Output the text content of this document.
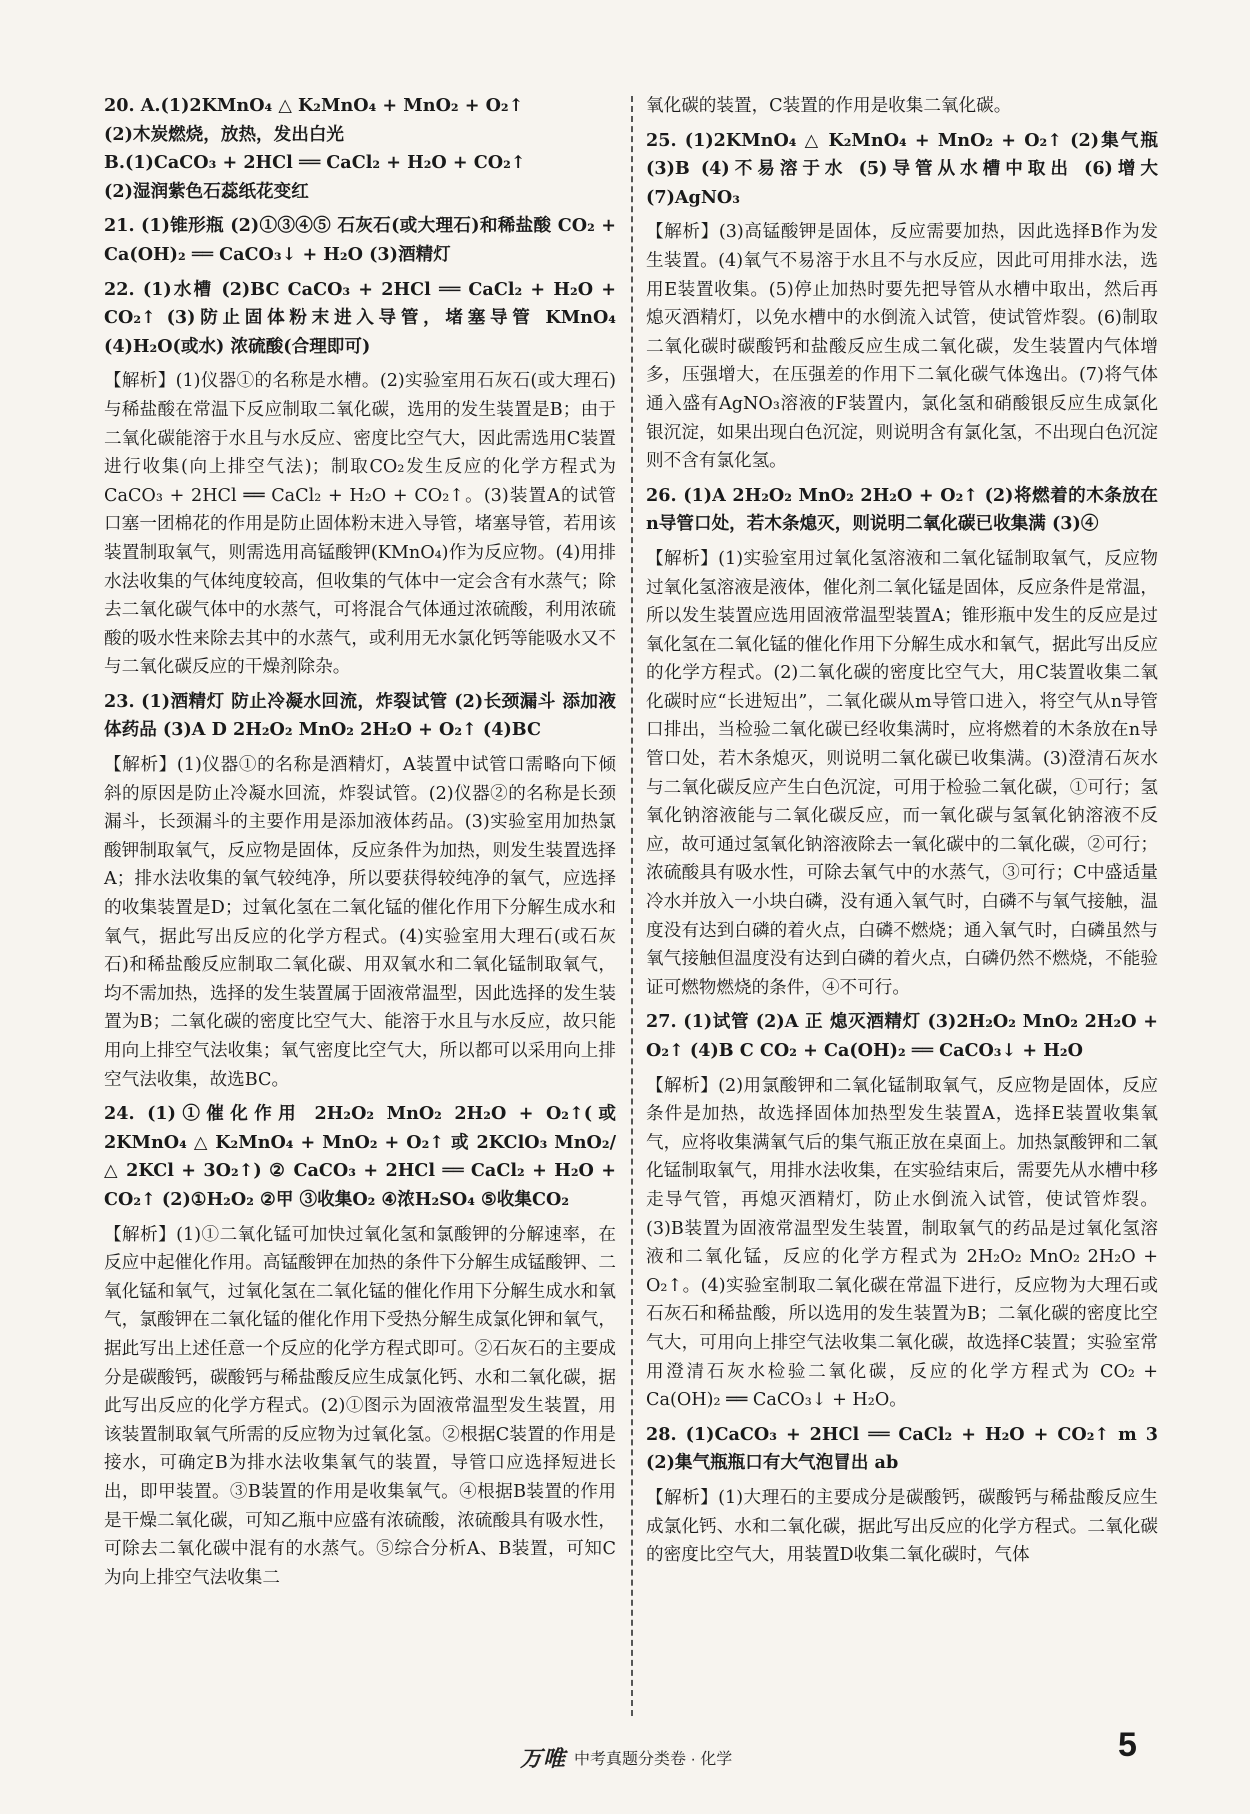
20. A.(1)2KMnO₄ △ K₂MnO₄ + MnO₂ + O₂↑
(2)木炭燃烧，放热，发出白光
B.(1)CaCO₃ + 2HCl ══ CaCl₂ + H₂O + CO₂↑
(2)湿润紫色石蕊纸花变红
21. (1)锥形瓶 (2)①③④⑤ 石灰石(或大理石)和稀盐酸 CO₂ + Ca(OH)₂ ══ CaCO₃↓ + H₂O (3)酒精灯
22. (1)水槽 (2)BC CaCO₃ + 2HCl ══ CaCl₂ + H₂O + CO₂↑ (3)防止固体粉末进入导管，堵塞导管 KMnO₄ (4)H₂O(或水) 浓硫酸(合理即可)
【解析】(1)仪器①的名称是水槽。(2)实验室用石灰石(或大理石)与稀盐酸在常温下反应制取二氧化碳，选用的发生装置是B；由于二氧化碳能溶于水且与水反应、密度比空气大，因此需选用C装置进行收集(向上排空气法)；制取CO₂发生反应的化学方程式为 CaCO₃ + 2HCl ══ CaCl₂ + H₂O + CO₂↑。(3)装置A的试管口塞一团棉花的作用是防止固体粉末进入导管，堵塞导管，若用该装置制取氧气，则需选用高锰酸钾(KMnO₄)作为反应物。(4)用排水法收集的气体纯度较高，但收集的气体中一定会含有水蒸气；除去二氧化碳气体中的水蒸气，可将混合气体通过浓硫酸，利用浓硫酸的吸水性来除去其中的水蒸气，或利用无水氯化钙等能吸水又不与二氧化碳反应的干燥剂除杂。
23. (1)酒精灯 防止冷凝水回流，炸裂试管 (2)长颈漏斗 添加液体药品 (3)A D 2H₂O₂ MnO₂ 2H₂O + O₂↑ (4)BC
【解析】(1)仪器①的名称是酒精灯，A装置中试管口需略向下倾斜的原因是防止冷凝水回流，炸裂试管。(2)仪器②的名称是长颈漏斗，长颈漏斗的主要作用是添加液体药品。(3)实验室用加热氯酸钾制取氧气，反应物是固体，反应条件为加热，则发生装置选择A；排水法收集的氧气较纯净，所以要获得较纯净的氧气，应选择的收集装置是D；过氧化氢在二氧化锰的催化作用下分解生成水和氧气，据此写出反应的化学方程式。(4)实验室用大理石(或石灰石)和稀盐酸反应制取二氧化碳、用双氧水和二氧化锰制取氧气，均不需加热，选择的发生装置属于固液常温型，因此选择的发生装置为B；二氧化碳的密度比空气大、能溶于水且与水反应，故只能用向上排空气法收集；氧气密度比空气大，所以都可以采用向上排空气法收集，故选BC。
24. (1)①催化作用 2H₂O₂ MnO₂ 2H₂O + O₂↑(或 2KMnO₄ △ K₂MnO₄ + MnO₂ + O₂↑ 或 2KClO₃ MnO₂/△ 2KCl + 3O₂↑) ② CaCO₃ + 2HCl ══ CaCl₂ + H₂O + CO₂↑ (2)①H₂O₂ ②甲 ③收集O₂ ④浓H₂SO₄ ⑤收集CO₂
【解析】(1)①二氧化锰可加快过氧化氢和氯酸钾的分解速率，在反应中起催化作用。高锰酸钾在加热的条件下分解生成锰酸钾、二氧化锰和氧气，过氧化氢在二氧化锰的催化作用下分解生成水和氧气，氯酸钾在二氧化锰的催化作用下受热分解生成氯化钾和氧气，据此写出上述任意一个反应的化学方程式即可。②石灰石的主要成分是碳酸钙，碳酸钙与稀盐酸反应生成氯化钙、水和二氧化碳，据此写出反应的化学方程式。(2)①图示为固液常温型发生装置，用该装置制取氧气所需的反应物为过氧化氢。②根据C装置的作用是接水，可确定B为排水法收集氧气的装置，导管口应选择短进长出，即甲装置。③B装置的作用是收集氧气。④根据B装置的作用是干燥二氧化碳，可知乙瓶中应盛有浓硫酸，浓硫酸具有吸水性，可除去二氧化碳中混有的水蒸气。⑤综合分析A、B装置，可知C为向上排空气法收集二
氧化碳的装置，C装置的作用是收集二氧化碳。
25. (1)2KMnO₄ △ K₂MnO₄ + MnO₂ + O₂↑ (2)集气瓶 (3)B (4)不易溶于水 (5)导管从水槽中取出 (6)增大 (7)AgNO₃
【解析】(3)高锰酸钾是固体，反应需要加热，因此选择B作为发生装置。(4)氧气不易溶于水且不与水反应，因此可用排水法，选用E装置收集。(5)停止加热时要先把导管从水槽中取出，然后再熄灭酒精灯，以免水槽中的水倒流入试管，使试管炸裂。(6)制取二氧化碳时碳酸钙和盐酸反应生成二氧化碳，发生装置内气体增多，压强增大，在压强差的作用下二氧化碳气体逸出。(7)将气体通入盛有AgNO₃溶液的F装置内，氯化氢和硝酸银反应生成氯化银沉淀，如果出现白色沉淀，则说明含有氯化氢，不出现白色沉淀则不含有氯化氢。
26. (1)A 2H₂O₂ MnO₂ 2H₂O + O₂↑ (2)将燃着的木条放在n导管口处，若木条熄灭，则说明二氧化碳已收集满 (3)④
【解析】(1)实验室用过氧化氢溶液和二氧化锰制取氧气，反应物过氧化氢溶液是液体，催化剂二氧化锰是固体，反应条件是常温，所以发生装置应选用固液常温型装置A；锥形瓶中发生的反应是过氧化氢在二氧化锰的催化作用下分解生成水和氧气，据此写出反应的化学方程式。(2)二氧化碳的密度比空气大，用C装置收集二氧化碳时应“长进短出”，二氧化碳从m导管口进入，将空气从n导管口排出，当检验二氧化碳已经收集满时，应将燃着的木条放在n导管口处，若木条熄灭，则说明二氧化碳已收集满。(3)澄清石灰水与二氧化碳反应产生白色沉淀，可用于检验二氧化碳，①可行；氢氧化钠溶液能与二氧化碳反应，而一氧化碳与氢氧化钠溶液不反应，故可通过氢氧化钠溶液除去一氧化碳中的二氧化碳，②可行；浓硫酸具有吸水性，可除去氧气中的水蒸气，③可行；C中盛适量冷水并放入一小块白磷，没有通入氧气时，白磷不与氧气接触，温度没有达到白磷的着火点，白磷不燃烧；通入氧气时，白磷虽然与氧气接触但温度没有达到白磷的着火点，白磷仍然不燃烧，不能验证可燃物燃烧的条件，④不可行。
27. (1)试管 (2)A 正 熄灭酒精灯 (3)2H₂O₂ MnO₂ 2H₂O + O₂↑ (4)B C CO₂ + Ca(OH)₂ ══ CaCO₃↓ + H₂O
【解析】(2)用氯酸钾和二氧化锰制取氧气，反应物是固体，反应条件是加热，故选择固体加热型发生装置A，选择E装置收集氧气，应将收集满氧气后的集气瓶正放在桌面上。加热氯酸钾和二氧化锰制取氧气，用排水法收集，在实验结束后，需要先从水槽中移走导气管，再熄灭酒精灯，防止水倒流入试管，使试管炸裂。(3)B装置为固液常温型发生装置，制取氧气的药品是过氧化氢溶液和二氧化锰，反应的化学方程式为 2H₂O₂ MnO₂ 2H₂O + O₂↑。(4)实验室制取二氧化碳在常温下进行，反应物为大理石或石灰石和稀盐酸，所以选用的发生装置为B；二氧化碳的密度比空气大，可用向上排空气法收集二氧化碳，故选择C装置；实验室常用澄清石灰水检验二氧化碳，反应的化学方程式为 CO₂ + Ca(OH)₂ ══ CaCO₃↓ + H₂O。
28. (1)CaCO₃ + 2HCl ══ CaCl₂ + H₂O + CO₂↑ m 3 (2)集气瓶瓶口有大气泡冒出 ab
【解析】(1)大理石的主要成分是碳酸钙，碳酸钙与稀盐酸反应生成氯化钙、水和二氧化碳，据此写出反应的化学方程式。二氧化碳的密度比空气大，用装置D收集二氧化碳时，气体
万唯 中考真题分类卷 · 化学	5
